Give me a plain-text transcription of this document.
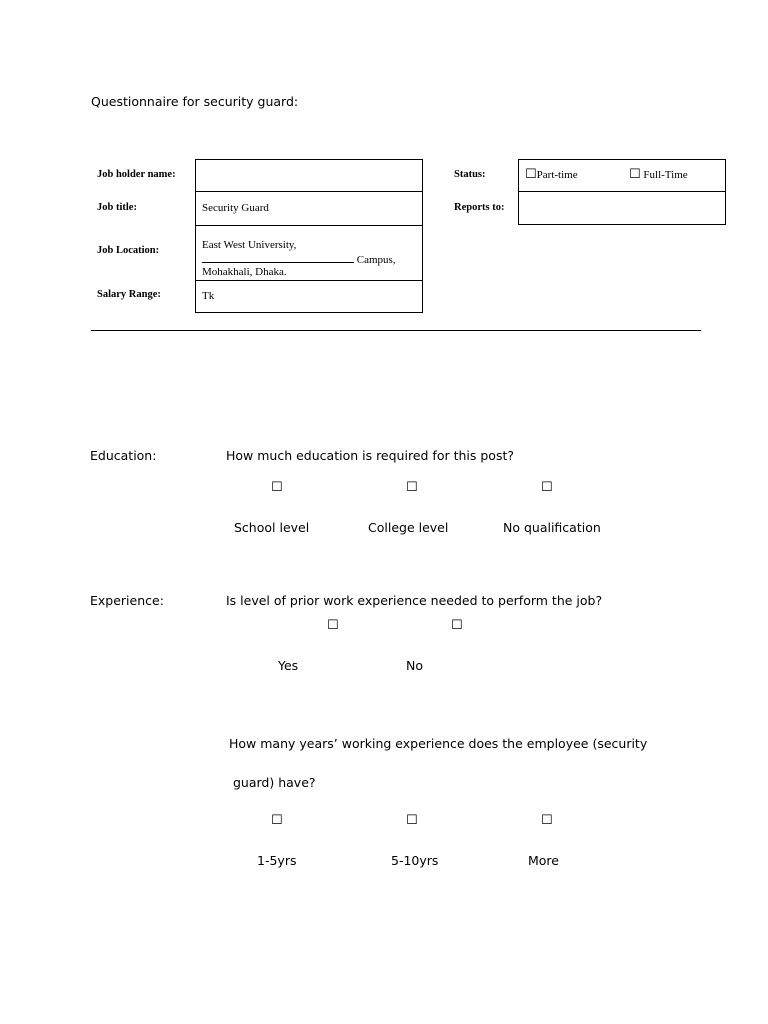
Questionnaire for security guard:
Job holder name:
Job title:	Security Guard
Job Location:	East West University,
Campus,
Mohakhali, Dhaka.
Salary Range:	Tk
Status:	☐Part-time	☐ Full-Time
Reports to:
Education:	How much education is required for this post?
☐	☐	☐
School level	College level	No qualification
Experience:	Is level of prior work experience needed to perform the job?
☐	☐
Yes	No
How many years’ working experience does the employee (security
guard) have?
☐	☐	☐
1-5yrs	5-10yrs	More
